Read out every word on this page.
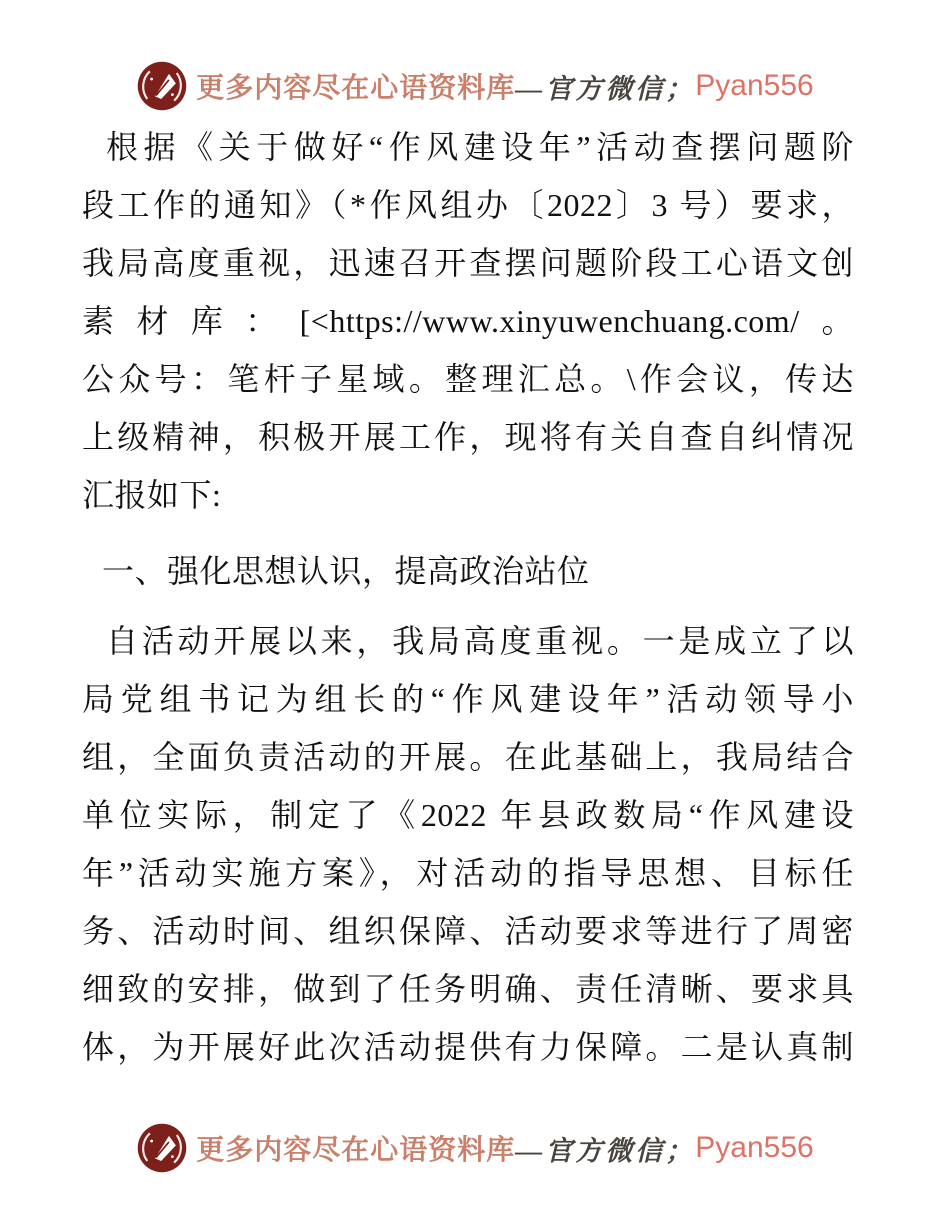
更多内容尽在心语资料库 —官方微信； Pyan556
根据《关于做好“作风建设年”活动查摆问题阶
段工作的通知》（*作风组办〔2022〕3 号）要求，
我局高度重视，迅速召开查摆问题阶段工心语文创
素材库：[<https://www.xinyuwenchuang.com/。
公众号：笔杆子星域。整理汇总。\作会议，传达
上级精神，积极开展工作，现将有关自查自纠情况
汇报如下:
一、强化思想认识，提高政治站位
自活动开展以来，我局高度重视。一是成立了以
局党组书记为组长的“作风建设年”活动领导小
组，全面负责活动的开展。在此基础上，我局结合
单位实际，制定了《2022 年县政数局“作风建设
年”活动实施方案》，对活动的指导思想、目标任
务、活动时间、组织保障、活动要求等进行了周密
细致的安排，做到了任务明确、责任清晰、要求具
体，为开展好此次活动提供有力保障。二是认真制
更多内容尽在心语资料库 —官方微信； Pyan556
